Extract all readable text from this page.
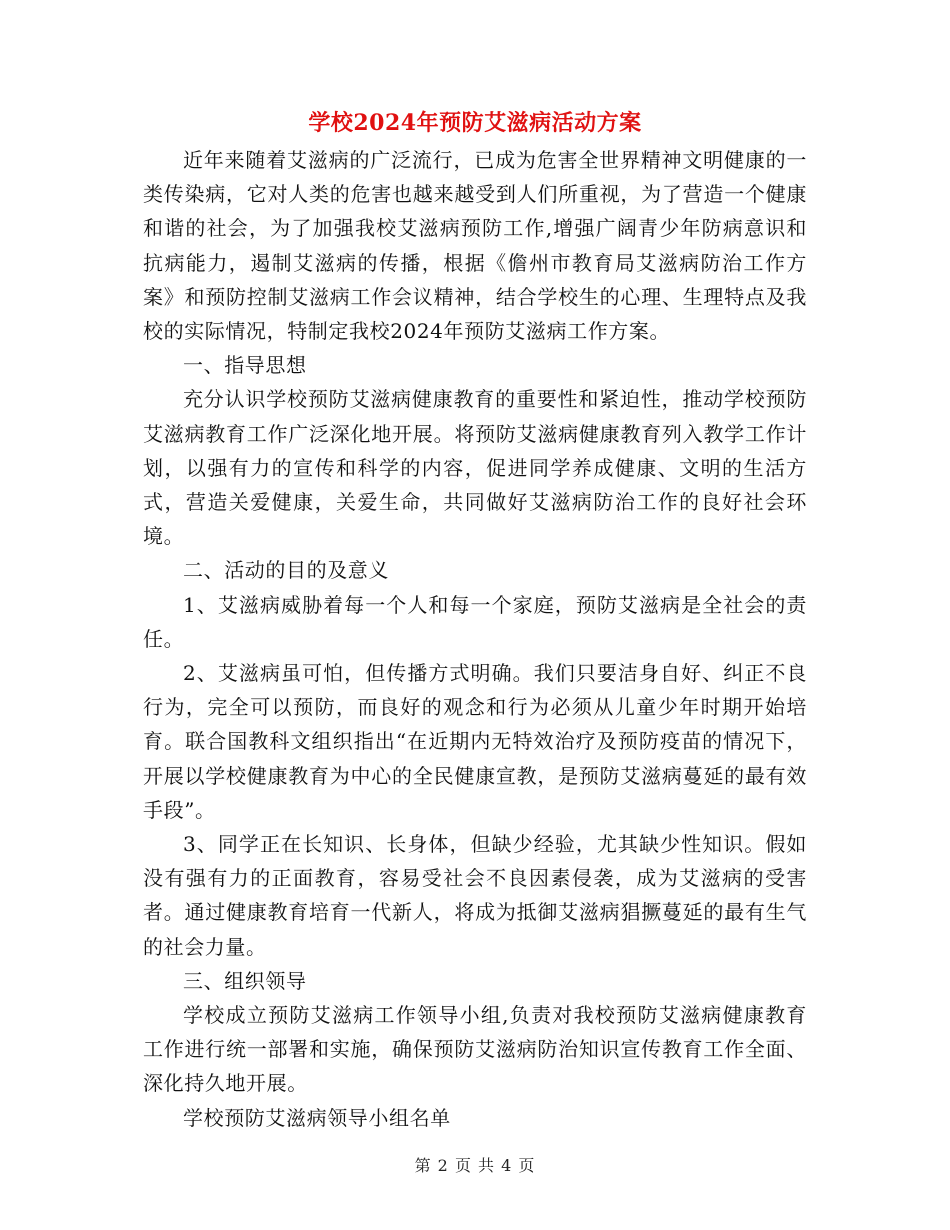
学校2024年预防艾滋病活动方案

近年来随着艾滋病的广泛流行，已成为危害全世界精神文明健康的一类传染病，它对人类的危害也越来越受到人们所重视，为了营造一个健康和谐的社会，为了加强我校艾滋病预防工作,增强广阔青少年防病意识和抗病能力，遏制艾滋病的传播，根据《儋州市教育局艾滋病防治工作方案》和预防控制艾滋病工作会议精神，结合学校生的心理、生理特点及我校的实际情况，特制定我校2024年预防艾滋病工作方案。

一、指导思想

充分认识学校预防艾滋病健康教育的重要性和紧迫性，推动学校预防艾滋病教育工作广泛深化地开展。将预防艾滋病健康教育列入教学工作计划，以强有力的宣传和科学的内容，促进同学养成健康、文明的生活方式，营造关爱健康，关爱生命，共同做好艾滋病防治工作的良好社会环境。

二、活动的目的及意义

1、艾滋病威胁着每一个人和每一个家庭，预防艾滋病是全社会的责任。

2、艾滋病虽可怕，但传播方式明确。我们只要洁身自好、纠正不良行为，完全可以预防，而良好的观念和行为必须从儿童少年时期开始培育。联合国教科文组织指出“在近期内无特效治疗及预防疫苗的情况下，开展以学校健康教育为中心的全民健康宣教，是预防艾滋病蔓延的最有效手段”。

3、同学正在长知识、长身体，但缺少经验，尤其缺少性知识。假如没有强有力的正面教育，容易受社会不良因素侵袭，成为艾滋病的受害者。通过健康教育培育一代新人，将成为抵御艾滋病猖撅蔓延的最有生气的社会力量。

三、组织领导

学校成立预防艾滋病工作领导小组,负责对我校预防艾滋病健康教育工作进行统一部署和实施，确保预防艾滋病防治知识宣传教育工作全面、深化持久地开展。

学校预防艾滋病领导小组名单

第 2 页 共 4 页
